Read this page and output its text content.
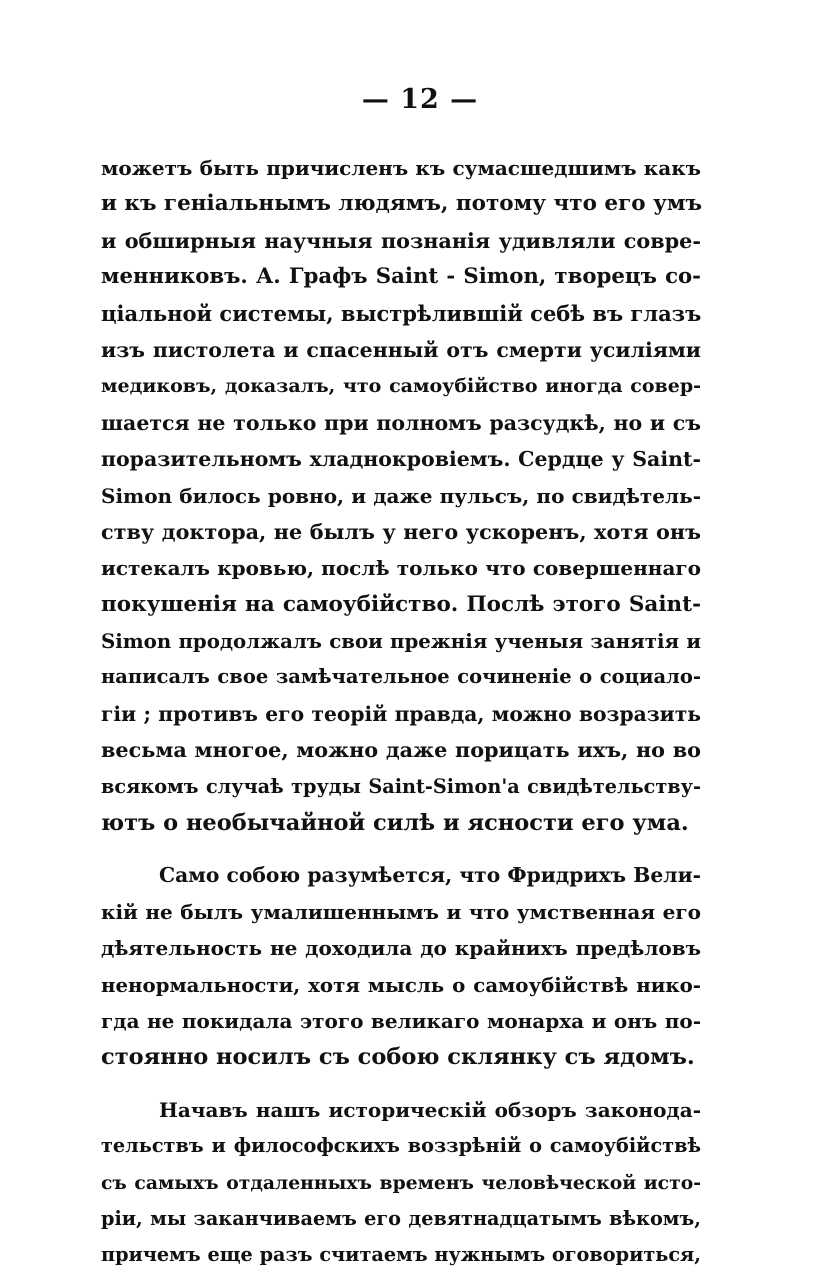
— 12 —

можетъ быть причисленъ къ сумасшедшимъ какъ
и къ геніальнымъ людямъ, потому что его умъ
и обширныя научныя познанія удивляли совре-
менниковъ. А. Графъ Saint - Simon, творецъ со-
ціальной системы, выстрѣлившій себѣ въ глазъ
изъ пистолета и спасенный отъ смерти усиліями
медиковъ, доказалъ, что самоубійство иногда совер-
шается не только при полномъ разсудкѣ, но и съ
поразительномъ хладнокровіемъ. Сердце у Saint-
Simon билось ровно, и даже пульсъ, по свидѣтель-
ству доктора, не былъ у него ускоренъ, хотя онъ
истекалъ кровью, послѣ только что совершеннаго
покушенія на самоубійство. Послѣ этого Saint-
Simon продолжалъ свои прежнія ученыя занятія и
написалъ свое замѣчательное сочиненіе о социало-
гіи ; противъ его теорій правда, можно возразить
весьма многое, можно даже порицать ихъ, но во
всякомъ случаѣ труды Saint-Simon'а свидѣтельству-
ютъ о необычайной силѣ и ясности его ума.

Само собою разумѣется, что Фридрихъ Вели-
кій не былъ умалишеннымъ и что умственная его
дѣятельность не доходила до крайнихъ предѣловъ
ненормальности, хотя мысль о самоубійствѣ нико-
гда не покидала этого великаго монарха и онъ по-
стоянно носилъ съ собою склянку съ ядомъ.

Начавъ нашъ историческій обзоръ законода-
тельствъ и философскихъ воззрѣній о самоубійствѣ
съ самыхъ отдаленныхъ временъ человѣческой исто-
ріи, мы заканчиваемъ его девятнадцатымъ вѣкомъ,
причемъ еще разъ считаемъ нужнымъ оговориться,
